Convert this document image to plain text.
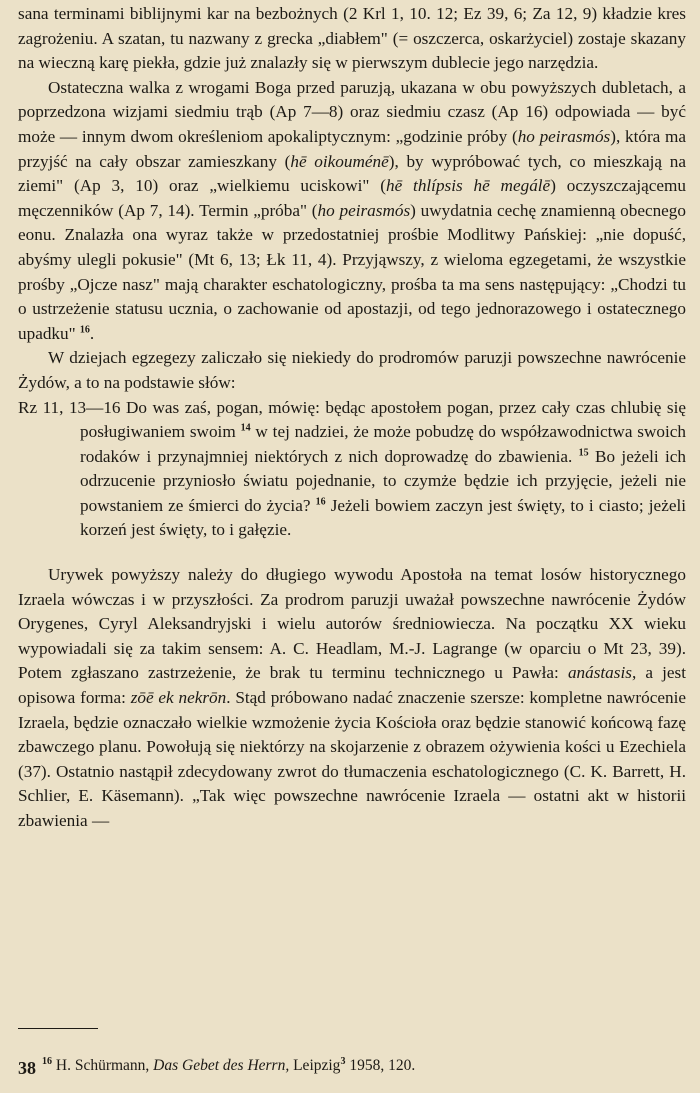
sana terminami biblijnymi kar na bezbożnych (2 Krl 1, 10. 12; Ez 39, 6; Za 12, 9) kładzie kres zagrożeniu. A szatan, tu nazwany z grecka „diabłem" (= oszczerca, oskarżyciel) zostaje skazany na wieczną karę piekła, gdzie już znalazły się w pierwszym dublecie jego narzędzia.

Ostateczna walka z wrogami Boga przed paruzją, ukazana w obu powyższych dubletach, a poprzedzona wizjami siedmiu trąb (Ap 7—8) oraz siedmiu czasz (Ap 16) odpowiada — być może — innym dwom określeniom apokaliptycznym: „godzinie próby (ho peirasmós), która ma przyjść na cały obszar zamieszkany (hē oikouménē), by wypróbować tych, co mieszkają na ziemi" (Ap 3, 10) oraz „wielkiemu uciskowi" (hē thlípsis hē megálē) oczyszczającemu męczenników (Ap 7, 14). Termin „próba" (ho peirasmós) uwydatnia cechę znamienną obecnego eonu. Znalazła ona wyraz także w przedostatniej prośbie Modlitwy Pańskiej: „nie dopuść, abyśmy ulegli pokusie" (Mt 6, 13; Łk 11, 4). Przyjąwszy, z wieloma egzegetami, że wszystkie prośby „Ojcze nasz" mają charakter eschatologiczny, prośba ta ma sens następujący: „Chodzi tu o ustrzeżenie statusu ucznia, o zachowanie od apostazji, od tego jednorazowego i ostatecznego upadku" $^{16}$.

W dziejach egzegezy zaliczało się niekiedy do prodromów paruzji powszechne nawrócenie Żydów, a to na podstawie słów:

Rz 11, 13—16 Do was zaś, pogan, mówię: będąc apostołem pogan, przez cały czas chlubię się posługiwaniem swoim $^{14}$ w tej nadziei, że może pobudzę do współzawodnictwa swoich rodaków i przynajmniej niektórych z nich doprowadzę do zbawienia. $^{15}$ Bo jeżeli ich odrzucenie przyniosło światu pojednanie, to czymże będzie ich przyjęcie, jeżeli nie powstaniem ze śmierci do życia? $^{16}$ Jeżeli bowiem zaczyn jest święty, to i ciasto; jeżeli korzeń jest święty, to i gałęzie.

Urywek powyższy należy do długiego wywodu Apostoła na temat losów historycznego Izraela wówczas i w przyszłości. Za prodrom paruzji uważał powszechne nawrócenie Żydów Orygenes, Cyryl Aleksandryjski i wielu autorów średniowiecza. Na początku XX wieku wypowiadali się za takim sensem: A. C. Headlam, M.-J. Lagrange (w oparciu o Mt 23, 39). Potem zgłaszano zastrzeżenie, że brak tu terminu technicznego u Pawła: anástasis, a jest opisowa forma: zōē ek nekrōn. Stąd próbowano nadać znaczenie szersze: kompletne nawrócenie Izraela, będzie oznaczało wielkie wzmożenie życia Kościoła oraz będzie stanowić końcową fazę zbawczego planu. Powołują się niektórzy na skojarzenie z obrazem ożywienia kości u Ezechiela (37). Ostatnio nastąpił zdecydowany zwrot do tłumaczenia eschatologicznego (C. K. Barrett, H. Schlier, E. Käsemann). „Tak więc powszechne nawrócenie Izraela — ostatni akt w historii zbawienia —

$^{16}$ H. Schürmann, Das Gebet des Herrn, Leipzig$^3$ 1958, 120.

38
